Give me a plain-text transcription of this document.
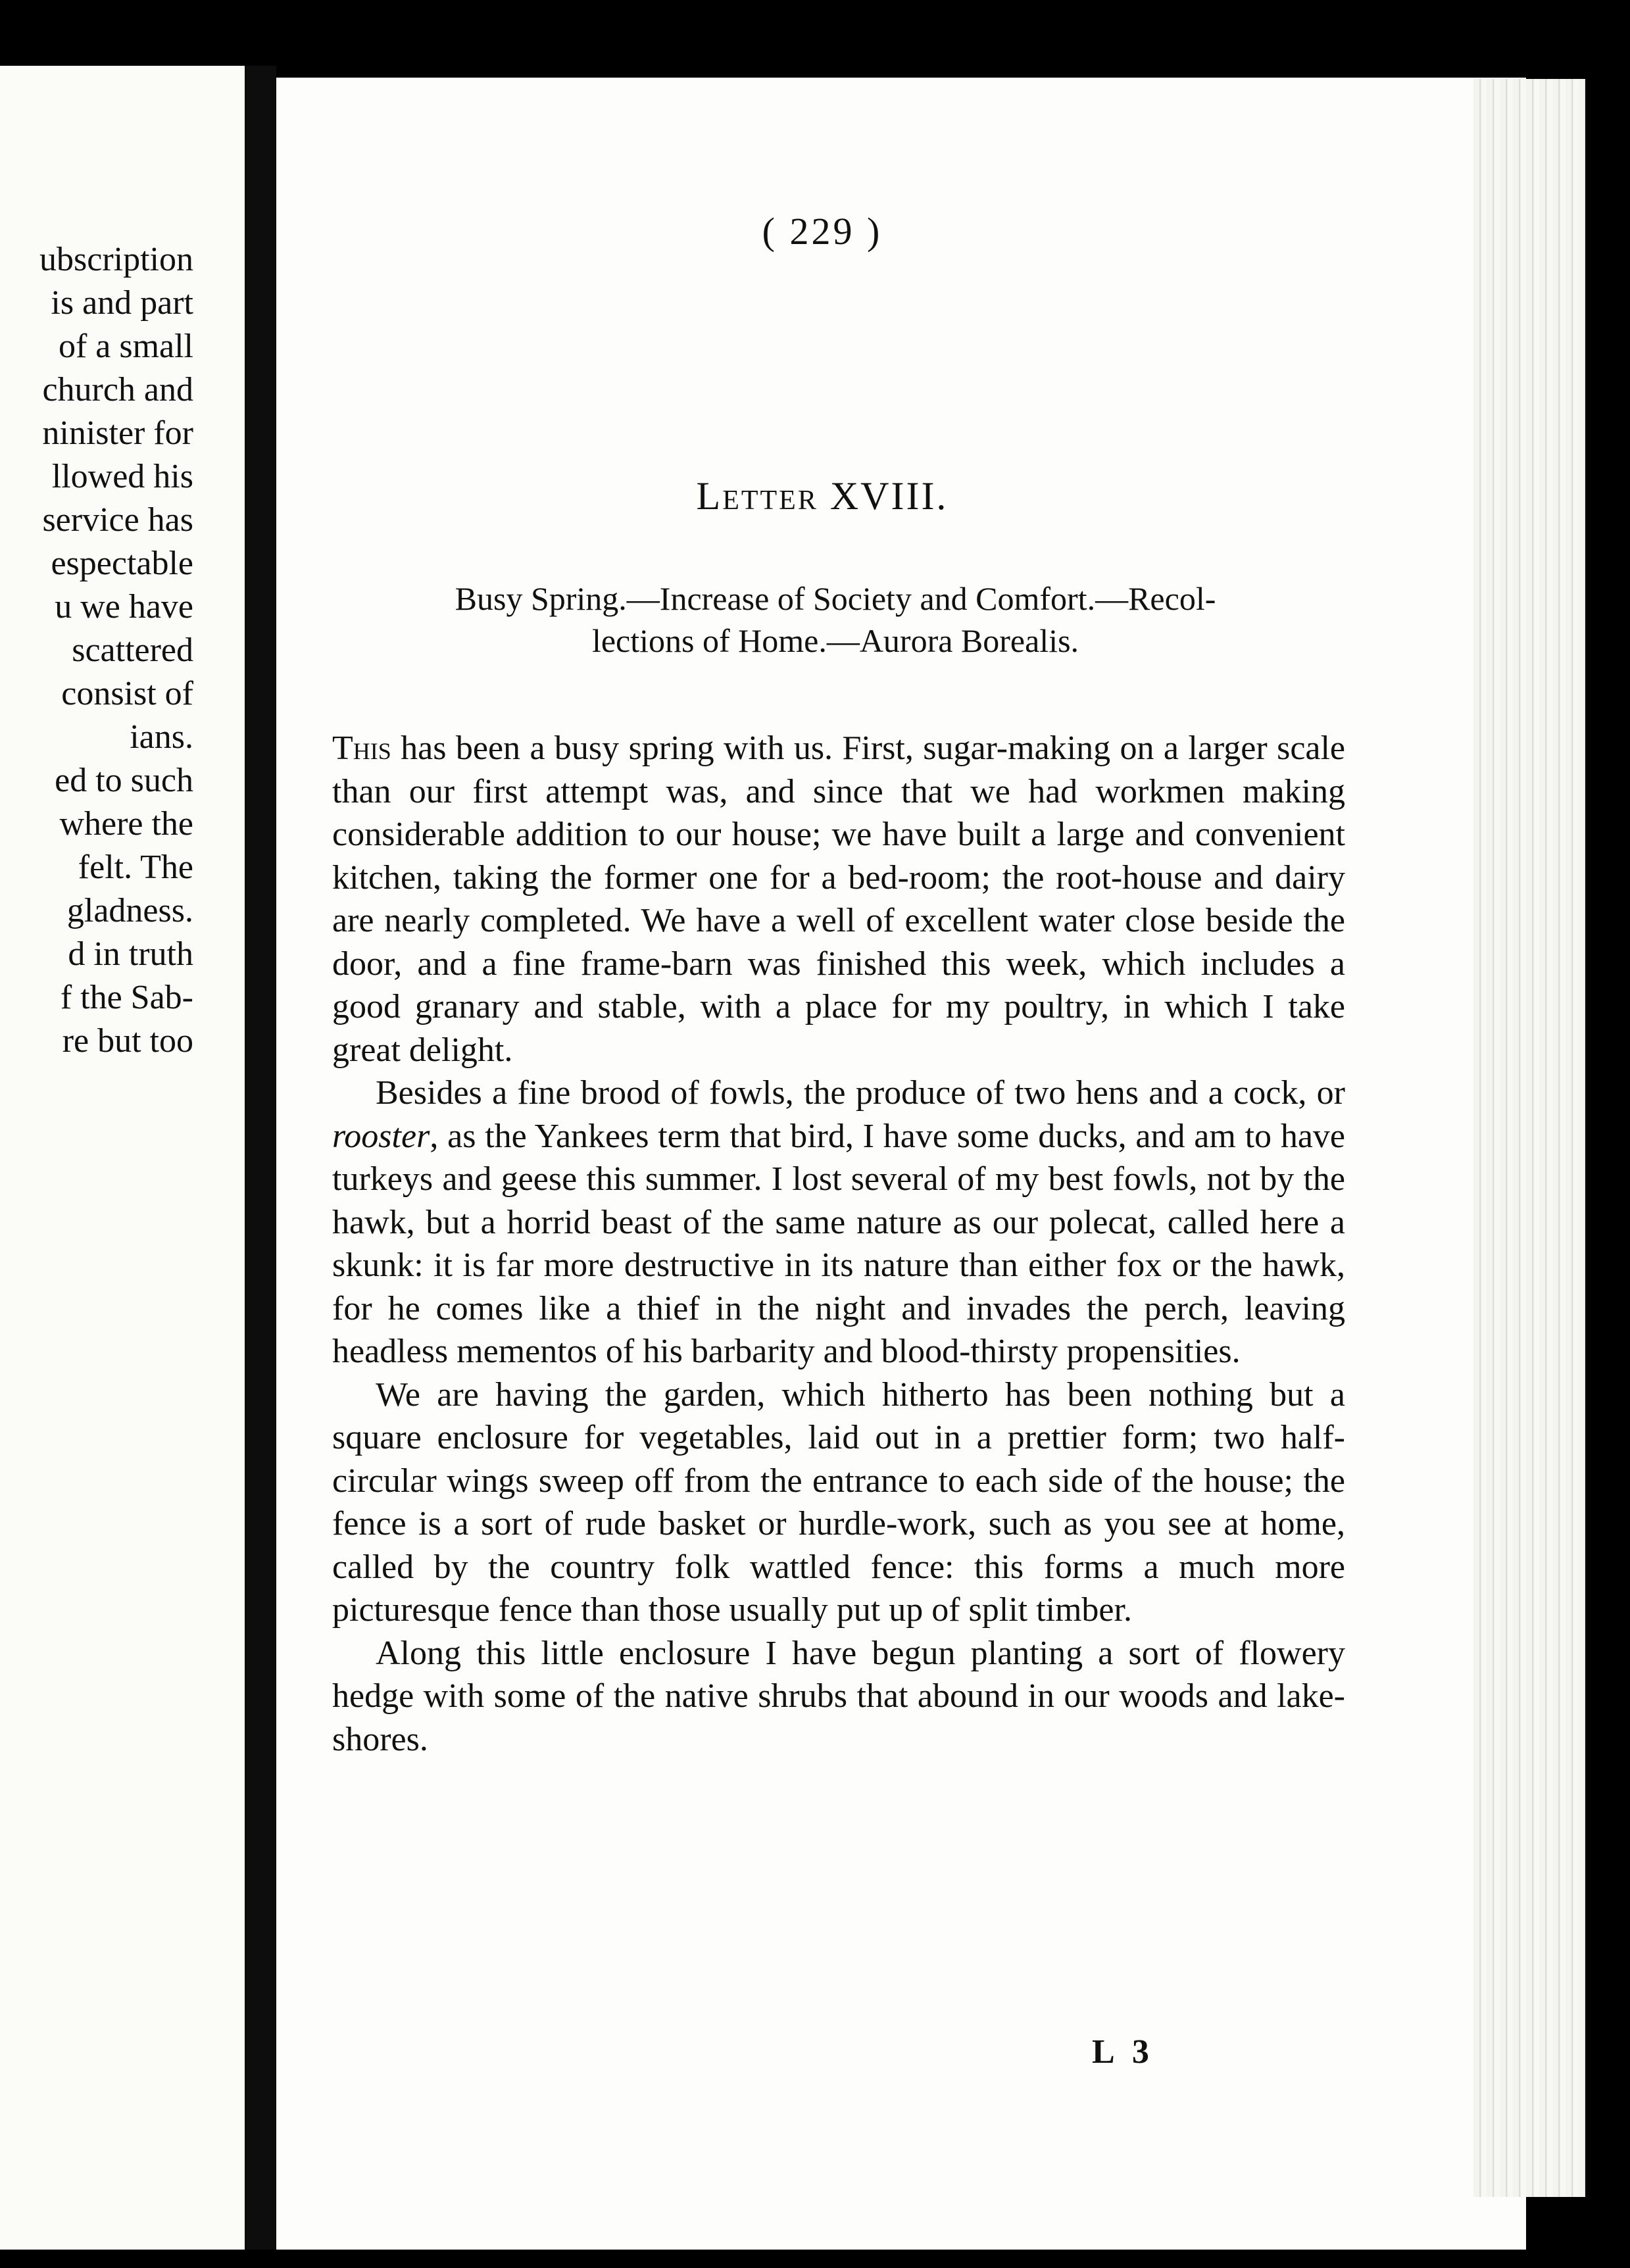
ubscription
is and part
of a small
church and
ninister for
llowed his
service has
espectable
u we have
scattered
consist of
ians.
ed to such
where the
felt. The
gladness.
d in truth
f the Sab-
re but too
( 229 )
Letter XVIII.
Busy Spring.—Increase of Society and Comfort.—Recol-
lections of Home.—Aurora Borealis.

This has been a busy spring with us. First, sugar-making on a larger scale than our first attempt was, and since that we had workmen making considerable addition to our house; we have built a large and convenient kitchen, taking the former one for a bed-room; the root-house and dairy are nearly completed. We have a well of excellent water close beside the door, and a fine frame-barn was finished this week, which includes a good granary and stable, with a place for my poultry, in which I take great delight.

Besides a fine brood of fowls, the produce of two hens and a cock, or rooster, as the Yankees term that bird, I have some ducks, and am to have turkeys and geese this summer. I lost several of my best fowls, not by the hawk, but a horrid beast of the same nature as our polecat, called here a skunk: it is far more destructive in its nature than either fox or the hawk, for he comes like a thief in the night and invades the perch, leaving headless mementos of his barbarity and blood-thirsty propensities.

We are having the garden, which hitherto has been nothing but a square enclosure for vegetables, laid out in a prettier form; two half-circular wings sweep off from the entrance to each side of the house; the fence is a sort of rude basket or hurdle-work, such as you see at home, called by the country folk wattled fence: this forms a much more picturesque fence than those usually put up of split timber.

Along this little enclosure I have begun planting a sort of flowery hedge with some of the native shrubs that abound in our woods and lake-shores.

L 3
